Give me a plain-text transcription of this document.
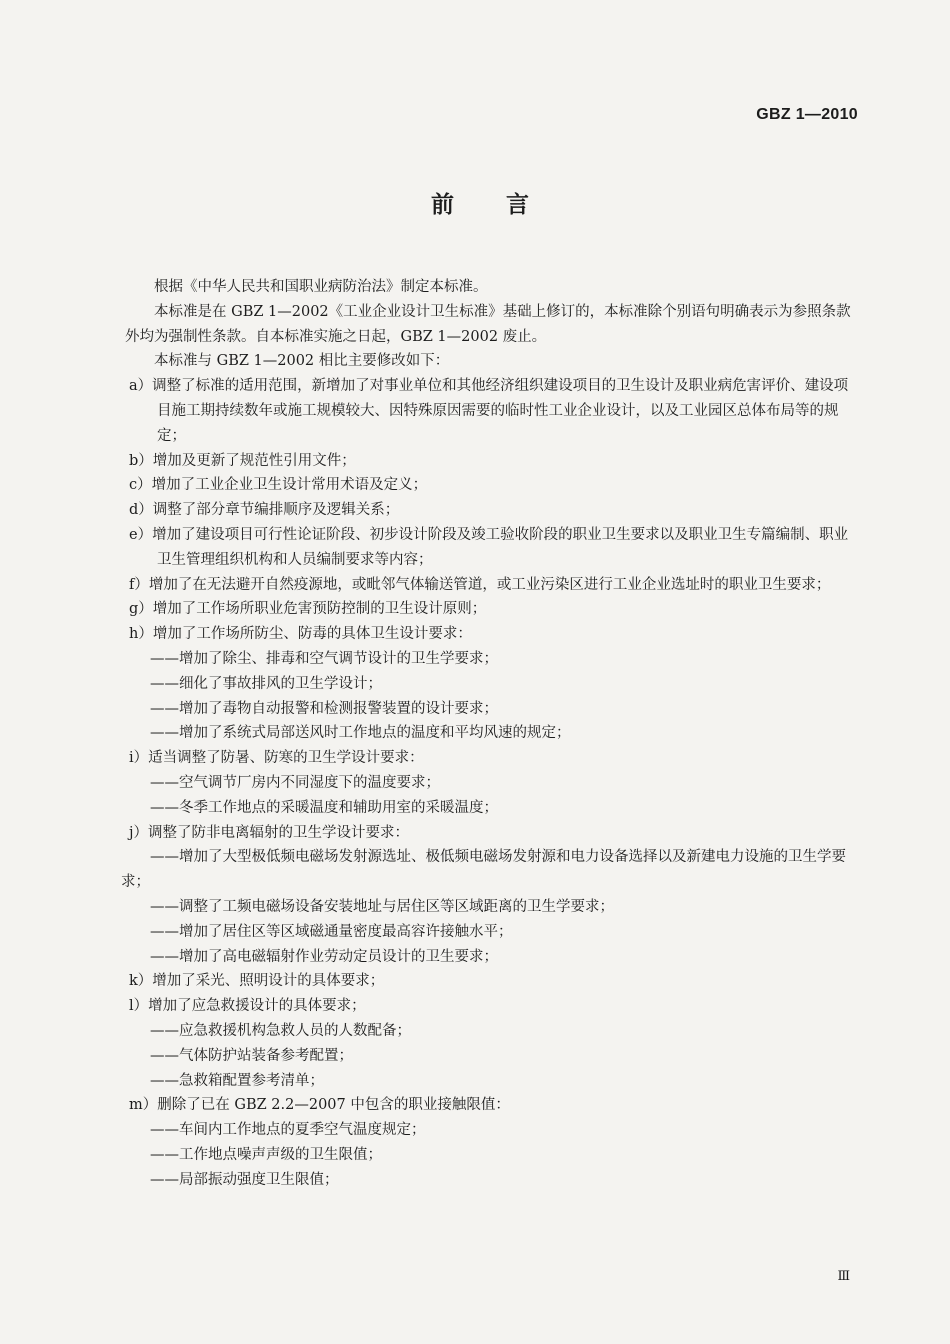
GBZ 1—2010
前 言
根据《中华人民共和国职业病防治法》制定本标准。
本标准是在 GBZ 1—2002《工业企业设计卫生标准》基础上修订的，本标准除个别语句明确表示为参照条款外均为强制性条款。自本标准实施之日起，GBZ 1—2002 废止。
本标准与 GBZ 1—2002 相比主要修改如下：
a）调整了标准的适用范围，新增加了对事业单位和其他经济组织建设项目的卫生设计及职业病危害评价、建设项目施工期持续数年或施工规模较大、因特殊原因需要的临时性工业企业设计，以及工业园区总体布局等的规定；
b）增加及更新了规范性引用文件；
c）增加了工业企业卫生设计常用术语及定义；
d）调整了部分章节编排顺序及逻辑关系；
e）增加了建设项目可行性论证阶段、初步设计阶段及竣工验收阶段的职业卫生要求以及职业卫生专篇编制、职业卫生管理组织机构和人员编制要求等内容；
f）增加了在无法避开自然疫源地，或毗邻气体输送管道，或工业污染区进行工业企业选址时的职业卫生要求；
g）增加了工作场所职业危害预防控制的卫生设计原则；
h）增加了工作场所防尘、防毒的具体卫生设计要求：
——增加了除尘、排毒和空气调节设计的卫生学要求；
——细化了事故排风的卫生学设计；
——增加了毒物自动报警和检测报警装置的设计要求；
——增加了系统式局部送风时工作地点的温度和平均风速的规定；
i）适当调整了防暑、防寒的卫生学设计要求：
——空气调节厂房内不同湿度下的温度要求；
——冬季工作地点的采暖温度和辅助用室的采暖温度；
j）调整了防非电离辐射的卫生学设计要求：
——增加了大型极低频电磁场发射源选址、极低频电磁场发射源和电力设备选择以及新建电力设施的卫生学要求；
——调整了工频电磁场设备安装地址与居住区等区域距离的卫生学要求；
——增加了居住区等区域磁通量密度最高容许接触水平；
——增加了高电磁辐射作业劳动定员设计的卫生要求；
k）增加了采光、照明设计的具体要求；
l）增加了应急救援设计的具体要求；
——应急救援机构急救人员的人数配备；
——气体防护站装备参考配置；
——急救箱配置参考清单；
m）删除了已在 GBZ 2.2—2007 中包含的职业接触限值：
——车间内工作地点的夏季空气温度规定；
——工作地点噪声声级的卫生限值；
——局部振动强度卫生限值；
Ⅲ
